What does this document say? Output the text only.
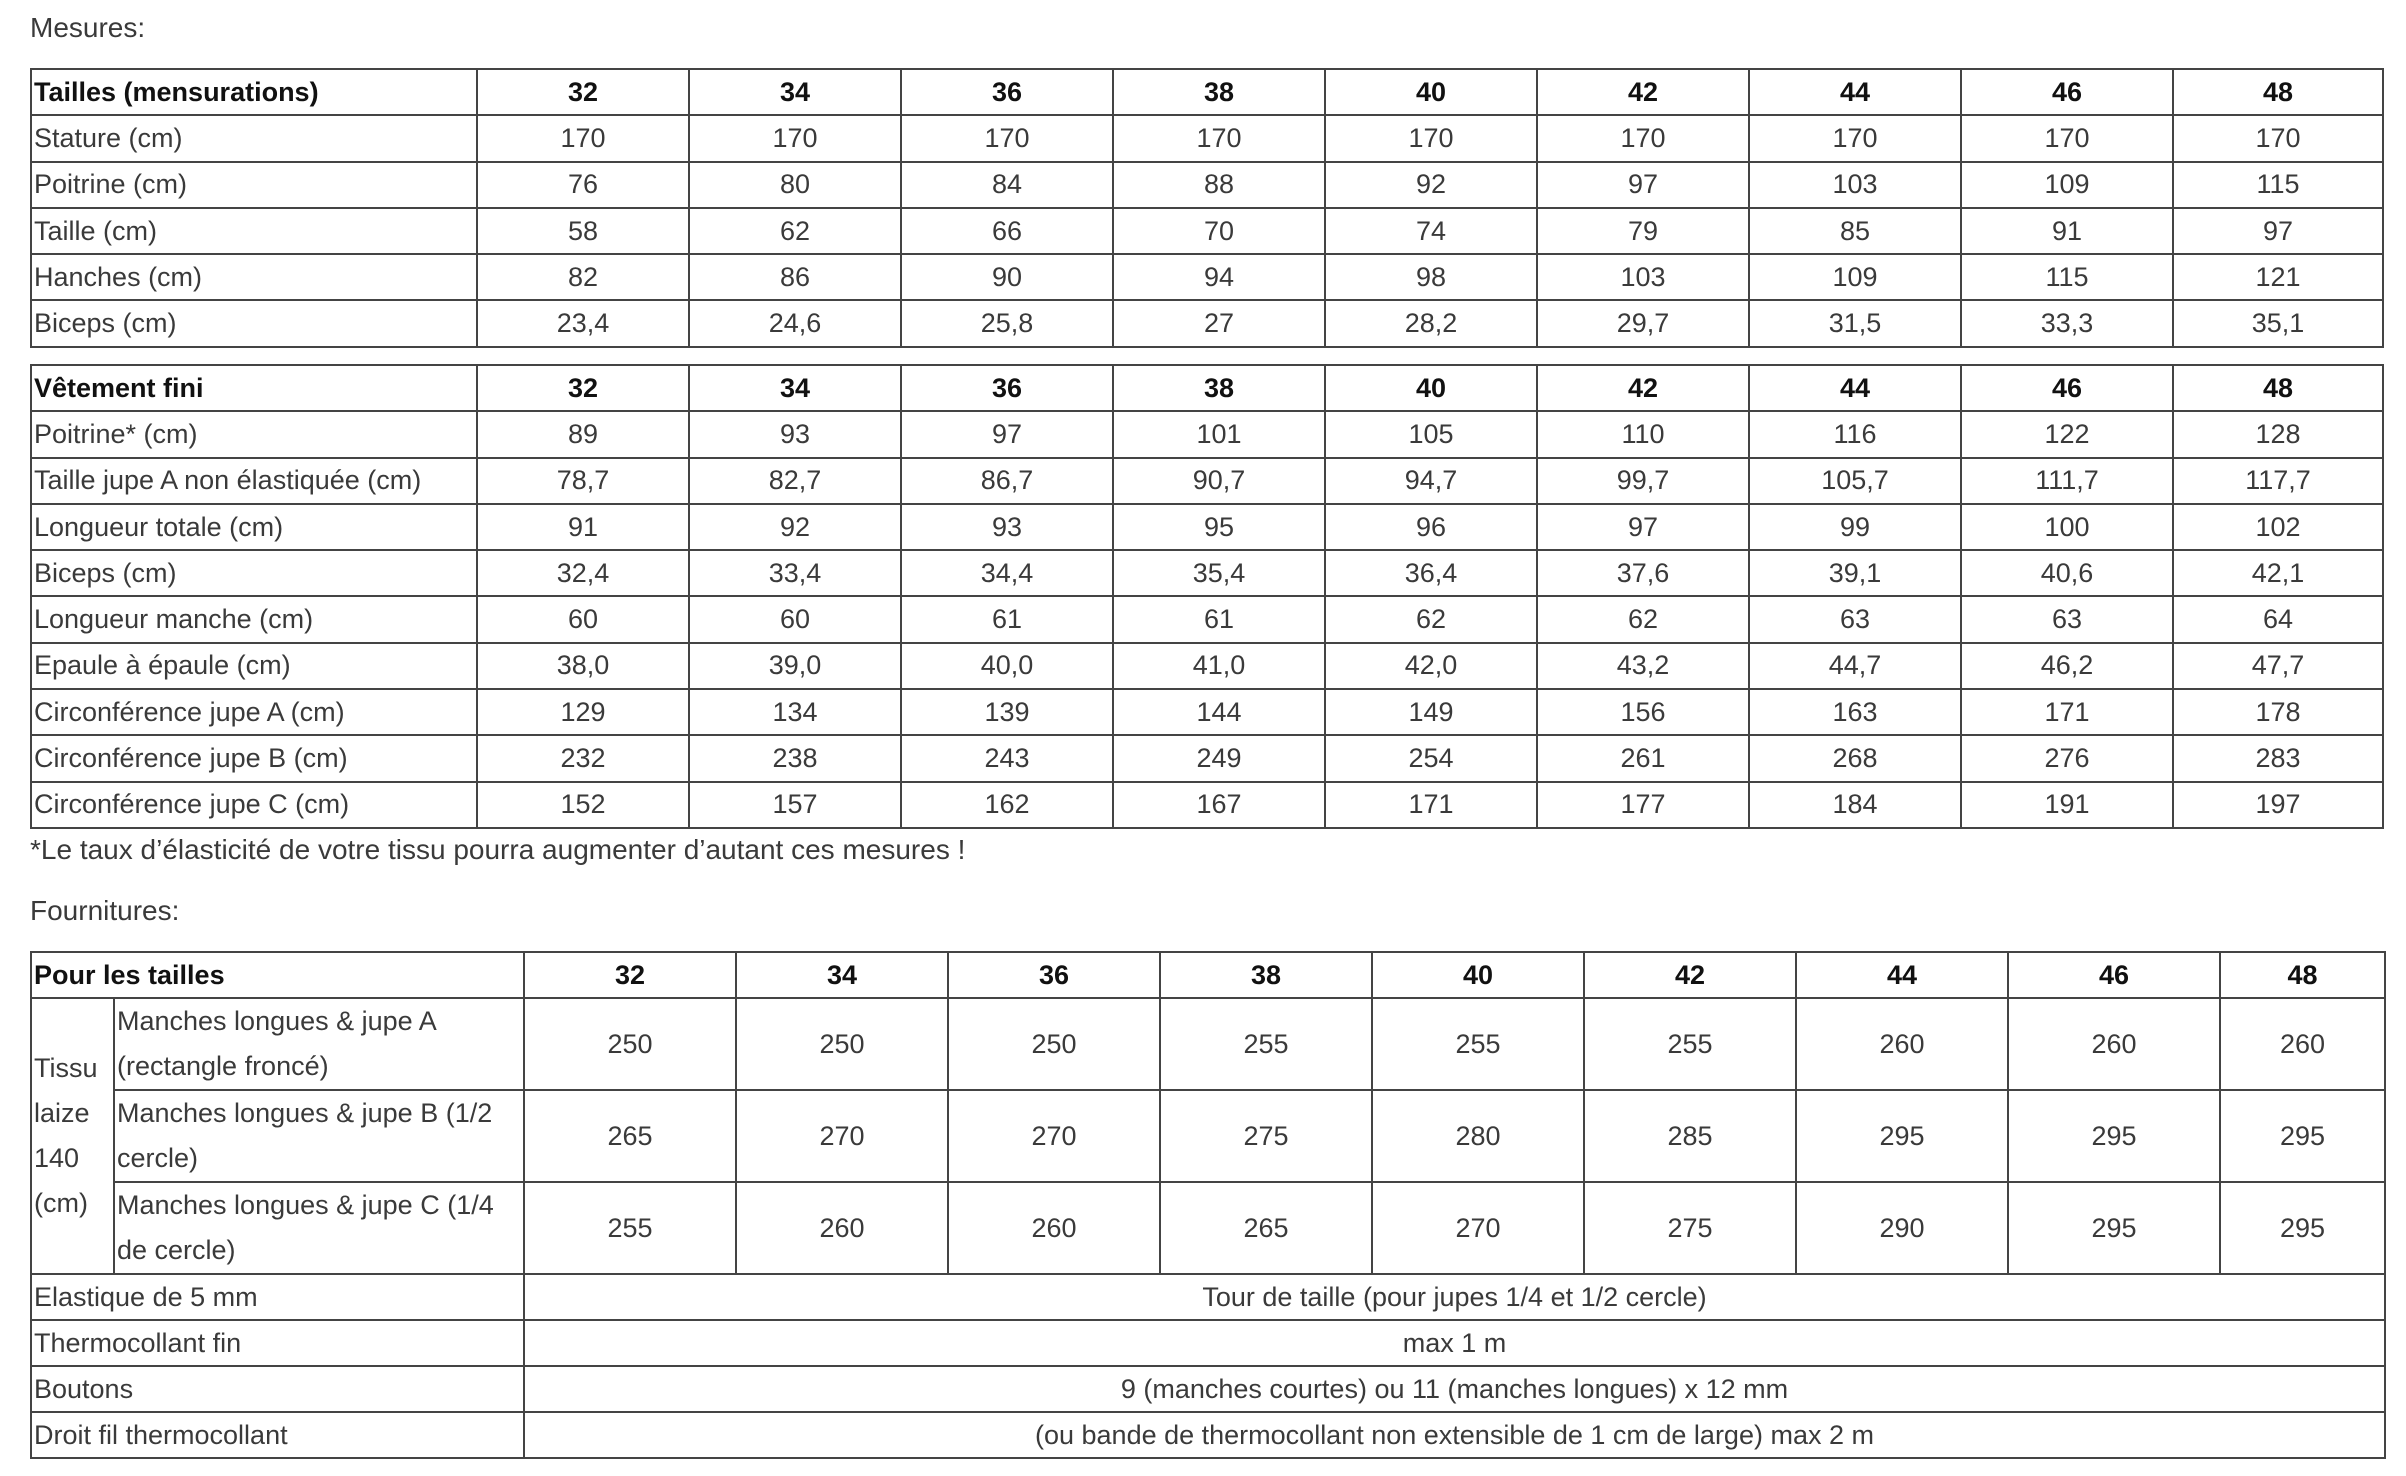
Mesures:
Tailles (mensurations)	32	34	36	38	40	42	44	46	48
Stature (cm)	170	170	170	170	170	170	170	170	170
Poitrine (cm)	76	80	84	88	92	97	103	109	115
Taille (cm)	58	62	66	70	74	79	85	91	97
Hanches (cm)	82	86	90	94	98	103	109	115	121
Biceps (cm)	23,4	24,6	25,8	27	28,2	29,7	31,5	33,3	35,1
Vêtement fini	32	34	36	38	40	42	44	46	48
Poitrine* (cm)	89	93	97	101	105	110	116	122	128
Taille jupe A non élastiquée (cm)	78,7	82,7	86,7	90,7	94,7	99,7	105,7	111,7	117,7
Longueur totale (cm)	91	92	93	95	96	97	99	100	102
Biceps (cm)	32,4	33,4	34,4	35,4	36,4	37,6	39,1	40,6	42,1
Longueur manche (cm)	60	60	61	61	62	62	63	63	64
Epaule à épaule (cm)	38,0	39,0	40,0	41,0	42,0	43,2	44,7	46,2	47,7
Circonférence jupe A (cm)	129	134	139	144	149	156	163	171	178
Circonférence jupe B (cm)	232	238	243	249	254	261	268	276	283
Circonférence jupe C (cm)	152	157	162	167	171	177	184	191	197
*Le taux d’élasticité de votre tissu pourra augmenter d’autant ces mesures !
Fournitures:
Pour les tailles		32	34	36	38	40	42	44	46	48
Tissu laize 140 (cm)	Manches longues & jupe A (rectangle froncé)	250	250	250	255	255	255	260	260	260
	Manches longues & jupe B (1/2 cercle)	265	270	270	275	280	285	295	295	295
	Manches longues & jupe C (1/4 de cercle)	255	260	260	265	270	275	290	295	295
Elastique de 5 mm		Tour de taille (pour jupes 1/4 et 1/2 cercle)								
Thermocollant fin		max 1 m								
Boutons		9 (manches courtes) ou 11 (manches longues) x 12 mm								
Droit fil thermocollant		(ou bande de thermocollant non extensible de 1 cm de large) max 2 m								
